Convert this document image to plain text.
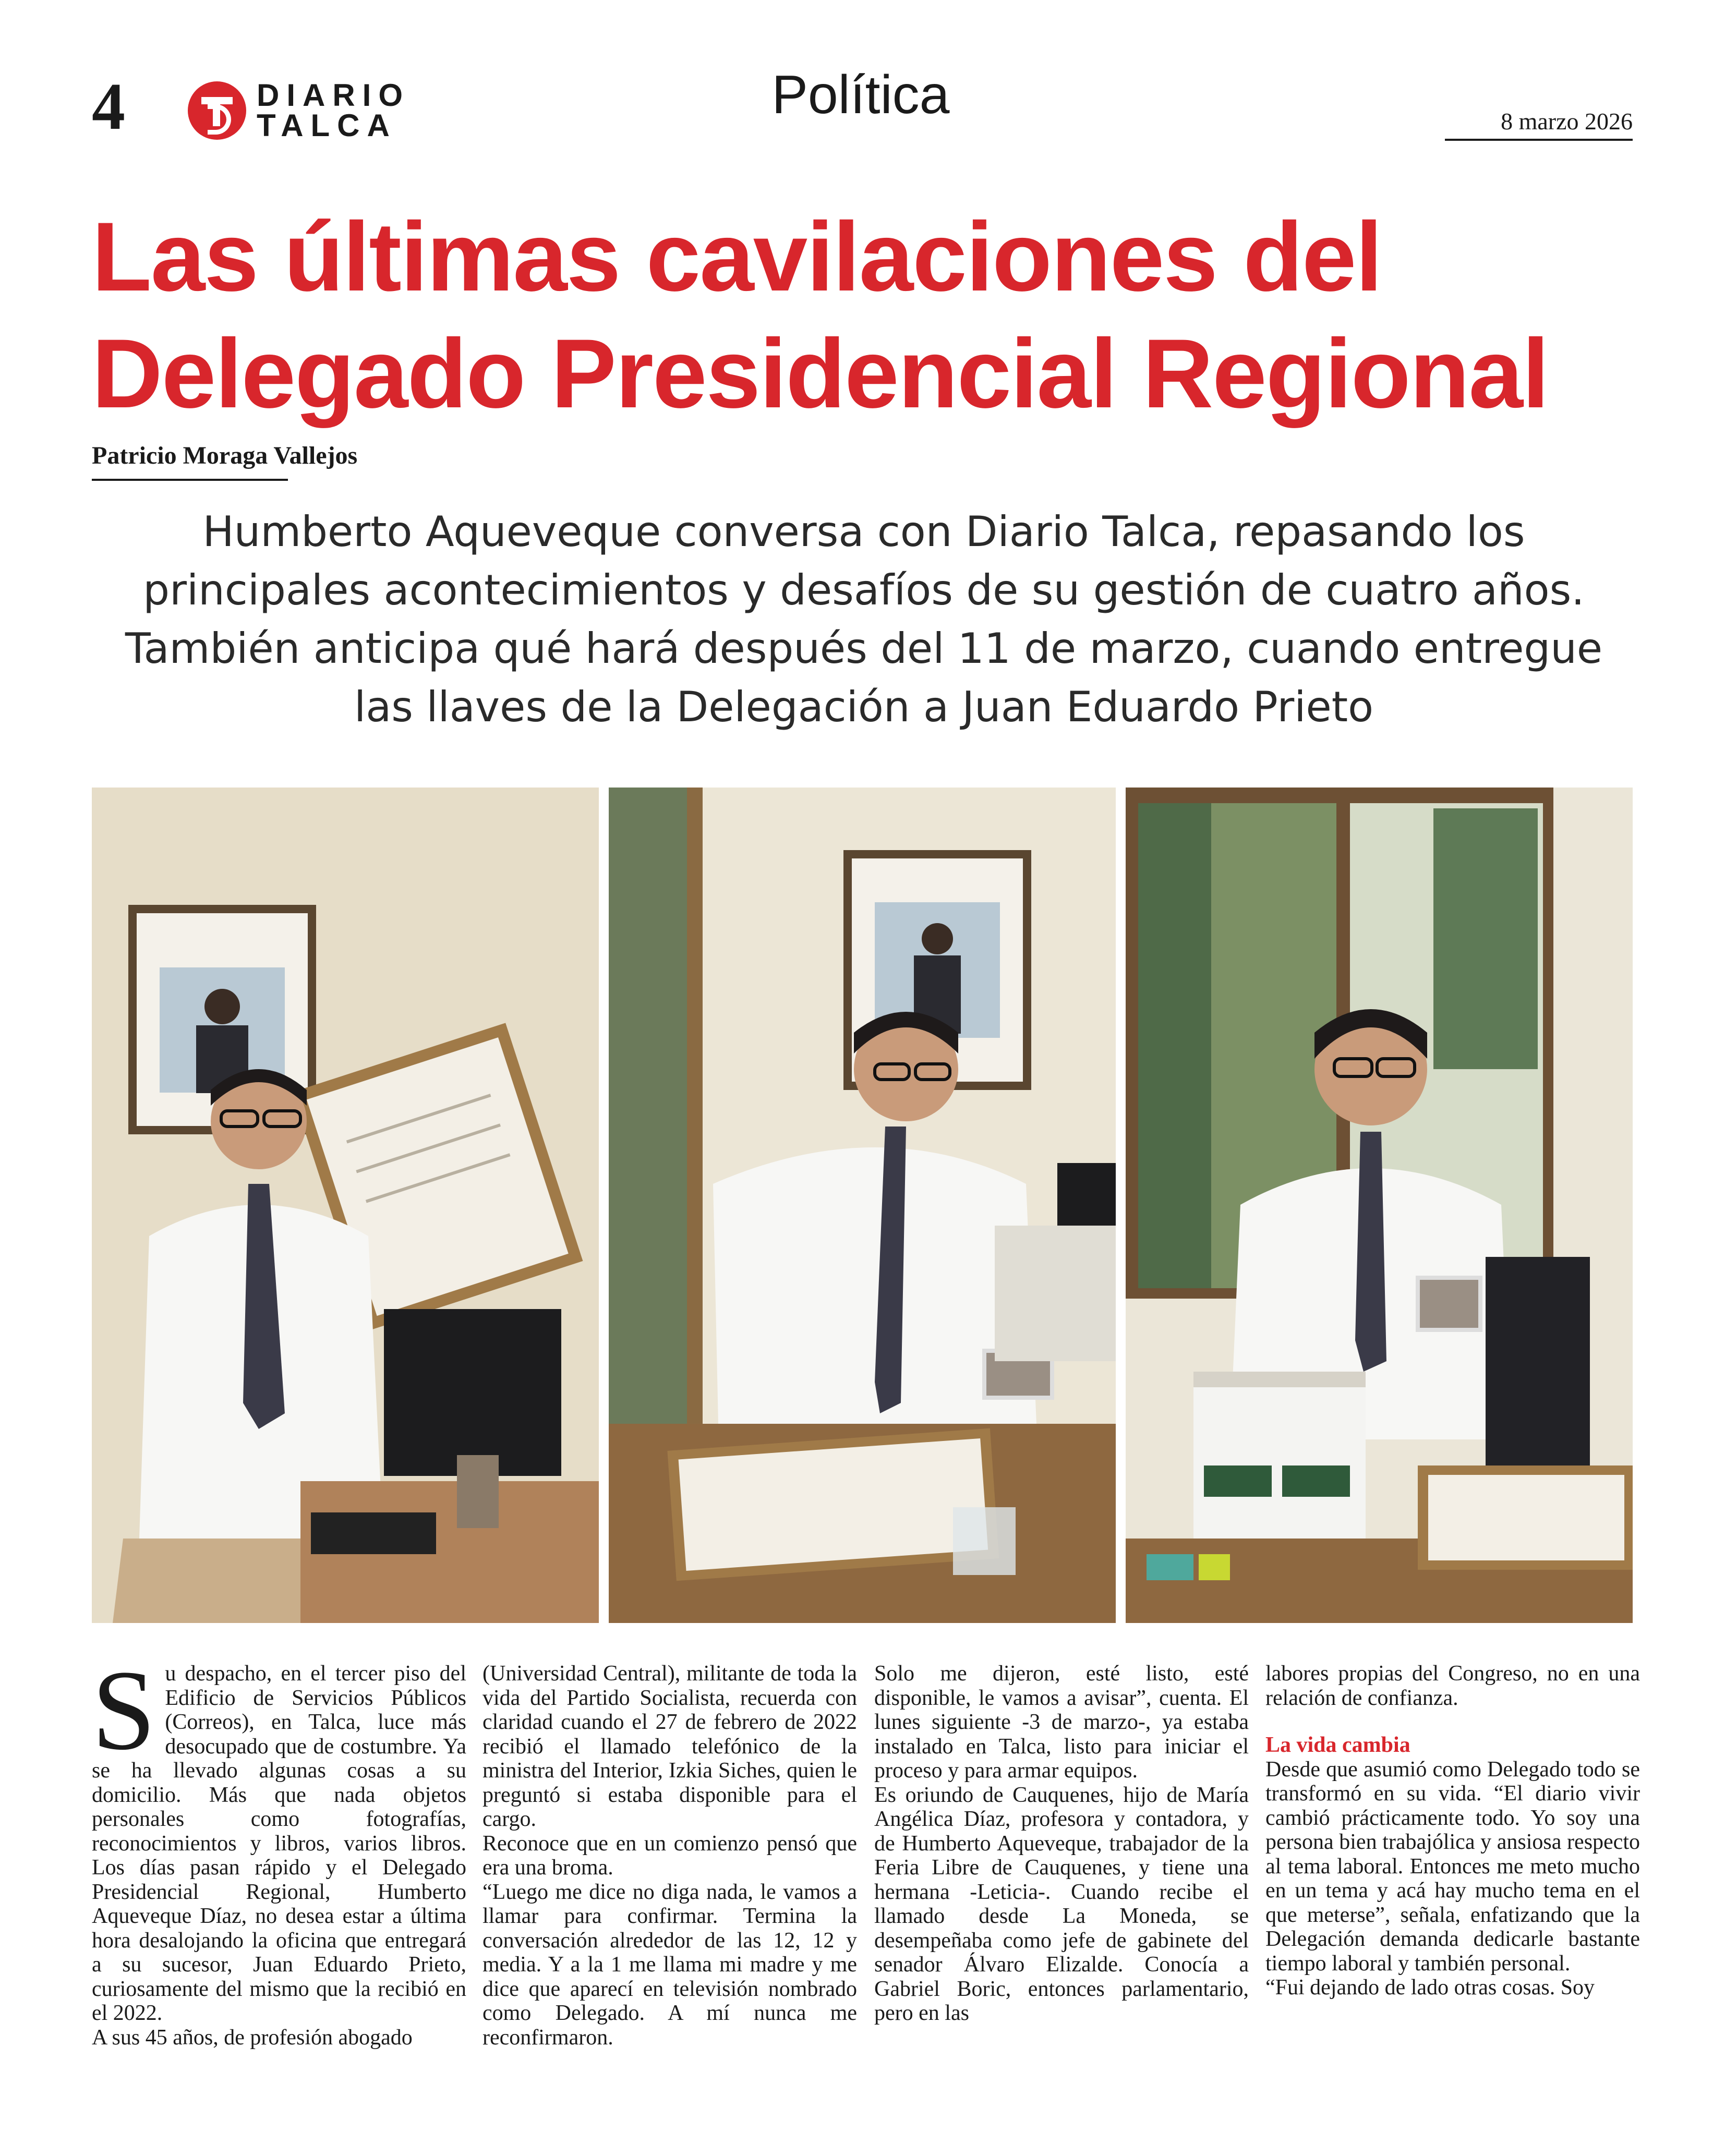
4	DIARIO
TALCA
Política	8 marzo 2026
Las últimas cavilaciones del
Delegado Presidencial Regional
Patricio Moraga Vallejos
Humberto Aqueveque conversa con Diario Talca, repasando los principales acontecimientos y desafíos de su gestión de cuatro años. También anticipa qué hará después del 11 de marzo, cuando entregue las llaves de la Delegación a Juan Eduardo Prieto

Su despacho, en el tercer piso del Edificio de Servicios Públicos (Correos), en Talca, luce más desocupado que de costumbre. Ya se ha llevado algunas cosas a su domicilio. Más que nada objetos personales como fotografías, reconocimientos y libros, varios libros. Los días pasan rápido y el Delegado Presidencial Regional, Humberto Aqueveque Díaz, no desea estar a última hora desalojando la oficina que entregará a su sucesor, Juan Eduardo Prieto, curiosamente del mismo que la recibió en el 2022.

A sus 45 años, de profesión abogado

(Universidad Central), militante de toda la vida del Partido Socialista, recuerda con claridad cuando el 27 de febrero de 2022 recibió el llamado telefónico de la ministra del Interior, Izkia Siches, quien le preguntó si estaba disponible para el cargo.

Reconoce que en un comienzo pensó que era una broma.

“Luego me dice no diga nada, le vamos a llamar para confirmar. Termina la conversación alrededor de las 12, 12 y media. Y a la 1 me llama mi madre y me dice que aparecí en televisión nombrado como Delegado. A mí nunca me reconfirmaron.

Solo me dijeron, esté listo, esté disponible, le vamos a avisar”, cuenta. El lunes siguiente -3 de marzo-, ya estaba instalado en Talca, listo para iniciar el proceso y para armar equipos.

Es oriundo de Cauquenes, hijo de María Angélica Díaz, profesora y contadora, y de Humberto Aqueveque, trabajador de la Feria Libre de Cauquenes, y tiene una hermana -Leticia-. Cuando recibe el llamado desde La Moneda, se desempeñaba como jefe de gabinete del senador Álvaro Elizalde. Conocía a Gabriel Boric, entonces parlamentario, pero en las

labores propias del Congreso, no en una relación de confianza.

La vida cambia

Desde que asumió como Delegado todo se transformó en su vida. “El diario vivir cambió prácticamente todo. Yo soy una persona bien trabajólica y ansiosa respecto al tema laboral. Entonces me meto mucho en un tema y acá hay mucho tema en el que meterse”, señala, enfatizando que la Delegación demanda dedicarle bastante tiempo laboral y también personal.

“Fui dejando de lado otras cosas. Soy
